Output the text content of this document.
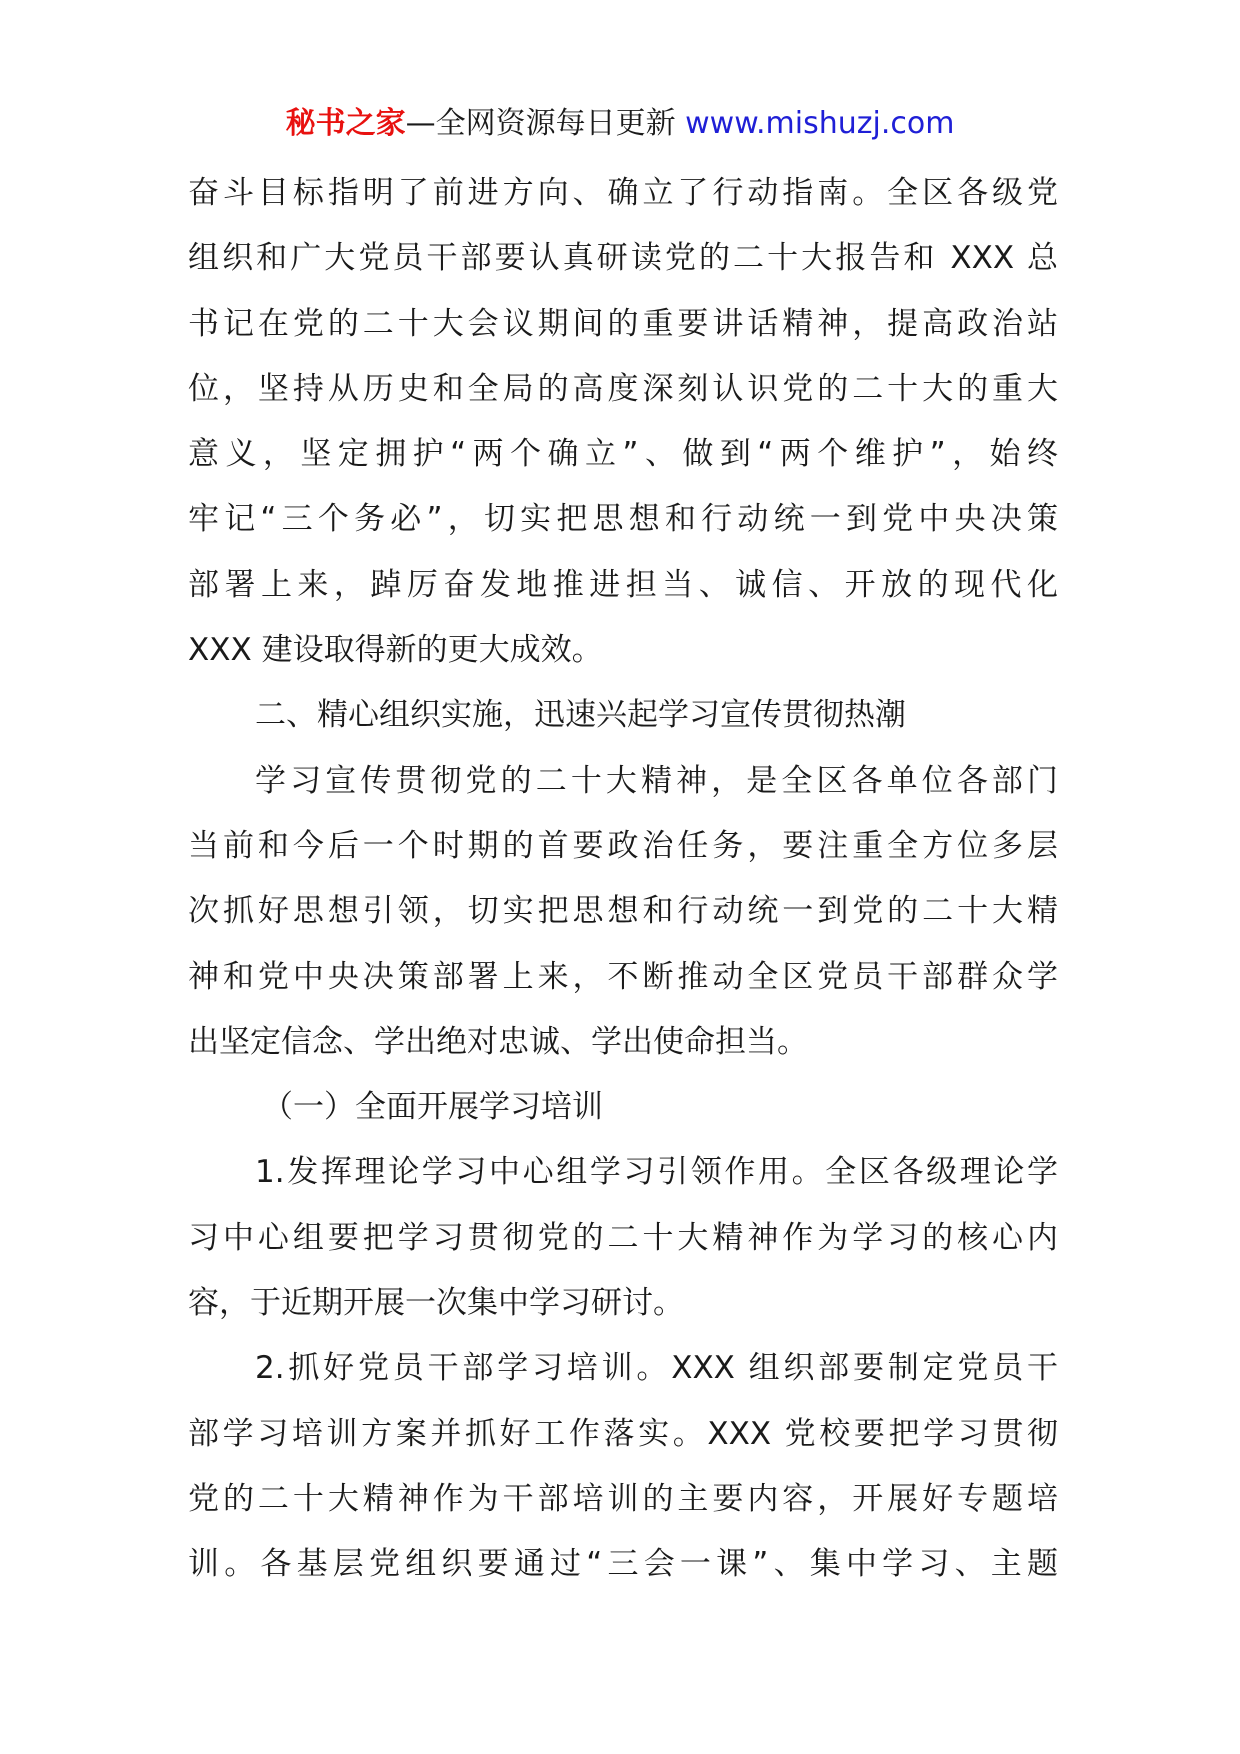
秘书之家—全网资源每日更新 www.mishuzj.com
奋斗目标指明了前进方向、确立了行动指南。全区各级党
组织和广大党员干部要认真研读党的二十大报告和 XXX 总
书记在党的二十大会议期间的重要讲话精神，提高政治站
位，坚持从历史和全局的高度深刻认识党的二十大的重大
意义，坚定拥护“两个确立”、做到“两个维护”，始终
牢记“三个务必”，切实把思想和行动统一到党中央决策
部署上来，踔厉奋发地推进担当、诚信、开放的现代化
XXX 建设取得新的更大成效。
二、精心组织实施，迅速兴起学习宣传贯彻热潮
学习宣传贯彻党的二十大精神，是全区各单位各部门
当前和今后一个时期的首要政治任务，要注重全方位多层
次抓好思想引领，切实把思想和行动统一到党的二十大精
神和党中央决策部署上来，不断推动全区党员干部群众学
出坚定信念、学出绝对忠诚、学出使命担当。
（一）全面开展学习培训
1.发挥理论学习中心组学习引领作用。全区各级理论学
习中心组要把学习贯彻党的二十大精神作为学习的核心内
容，于近期开展一次集中学习研讨。
2.抓好党员干部学习培训。XXX 组织部要制定党员干
部学习培训方案并抓好工作落实。XXX 党校要把学习贯彻
党的二十大精神作为干部培训的主要内容，开展好专题培
训。各基层党组织要通过“三会一课”、集中学习、主题
